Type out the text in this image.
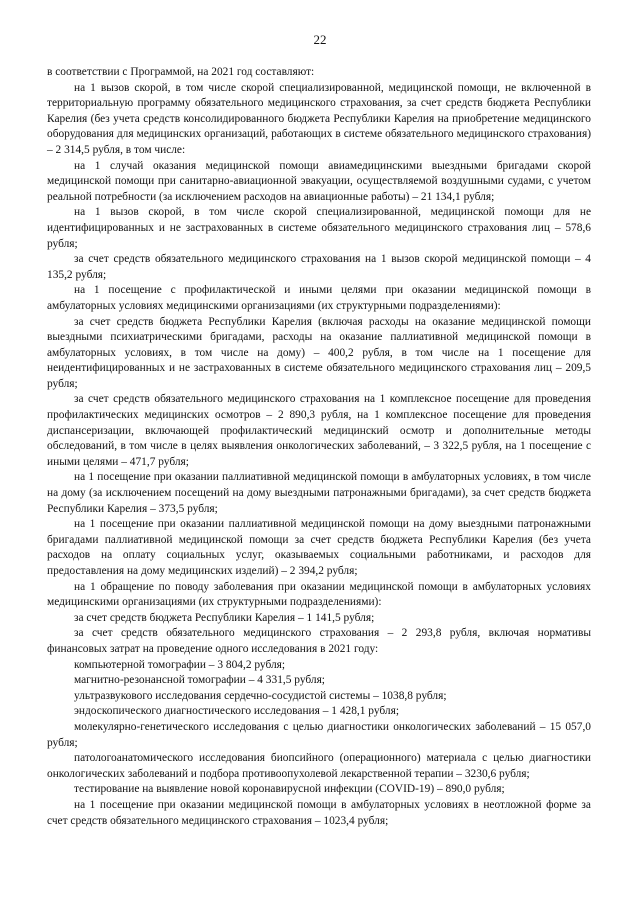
22

в соответствии с Программой, на 2021 год составляют:

на 1 вызов скорой, в том числе скорой специализированной, медицинской помощи, не включенной в территориальную программу обязательного медицинского страхования, за счет средств бюджета Республики Карелия (без учета средств консолидированного бюджета Республики Карелия на приобретение медицинского оборудования для медицинских организаций, работающих в системе обязательного медицинского страхования) – 2 314,5 рубля, в том числе:

на 1 случай оказания медицинской помощи авиамедицинскими выездными бригадами скорой медицинской помощи при санитарно-авиационной эвакуации, осуществляемой воздушными судами, с учетом реальной потребности (за исключением расходов на авиационные работы) – 21 134,1 рубля;

на 1 вызов скорой, в том числе скорой специализированной, медицинской помощи для не идентифицированных и не застрахованных в системе обязательного медицинского страхования лиц – 578,6 рубля;

за счет средств обязательного медицинского страхования на 1 вызов скорой медицинской помощи – 4 135,2 рубля;

на 1 посещение с профилактической и иными целями при оказании медицинской помощи в амбулаторных условиях медицинскими организациями (их структурными подразделениями):

за счет средств бюджета Республики Карелия (включая расходы на оказание медицинской помощи выездными психиатрическими бригадами, расходы на оказание паллиативной медицинской помощи в амбулаторных условиях, в том числе на дому) – 400,2 рубля, в том числе на 1 посещение для неидентифицированных и не застрахованных в системе обязательного медицинского страхования лиц – 209,5 рубля;

за счет средств обязательного медицинского страхования на 1 комплексное посещение для проведения профилактических медицинских осмотров – 2 890,3 рубля, на 1 комплексное посещение для проведения диспансеризации, включающей профилактический медицинский осмотр и дополнительные методы обследований, в том числе в целях выявления онкологических заболеваний, – 3 322,5 рубля, на 1 посещение с иными целями – 471,7 рубля;

на 1 посещение при оказании паллиативной медицинской помощи в амбулаторных условиях, в том числе на дому (за исключением посещений на дому выездными патронажными бригадами), за счет средств бюджета Республики Карелия – 373,5 рубля;

на 1 посещение при оказании паллиативной медицинской помощи на дому выездными патронажными бригадами паллиативной медицинской помощи за счет средств бюджета Республики Карелия (без учета расходов на оплату социальных услуг, оказываемых социальными работниками, и расходов для предоставления на дому медицинских изделий) – 2 394,2 рубля;

на 1 обращение по поводу заболевания при оказании медицинской помощи в амбулаторных условиях медицинскими организациями (их структурными подразделениями):

за счет средств бюджета Республики Карелия – 1 141,5 рубля;

за счет средств обязательного медицинского страхования – 2 293,8 рубля, включая нормативы финансовых затрат на проведение одного исследования в 2021 году:

компьютерной томографии – 3 804,2 рубля;

магнитно-резонансной томографии – 4 331,5 рубля;

ультразвукового исследования сердечно-сосудистой системы – 1038,8 рубля;

эндоскопического диагностического исследования – 1 428,1 рубля;

молекулярно-генетического исследования с целью диагностики онкологических заболеваний – 15 057,0 рубля;

патологоанатомического исследования биопсийного (операционного) материала с целью диагностики онкологических заболеваний и подбора противоопухолевой лекарственной терапии – 3230,6 рубля;

тестирование на выявление новой коронавирусной инфекции (COVID-19) – 890,0 рубля;

на 1 посещение при оказании медицинской помощи в амбулаторных условиях в неотложной форме за счет средств обязательного медицинского страхования – 1023,4 рубля;
